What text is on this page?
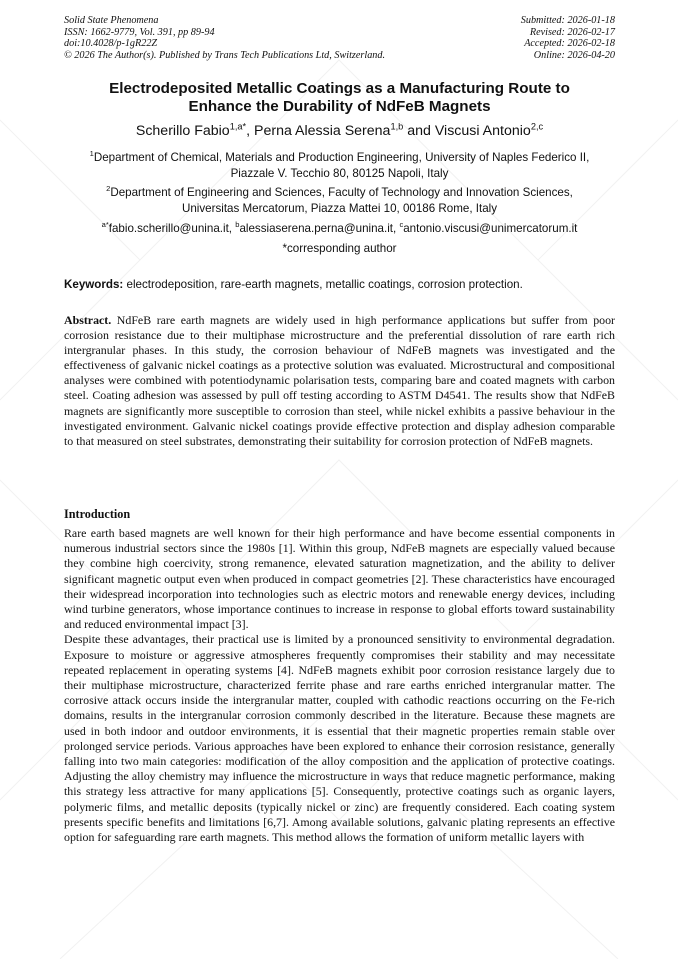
Solid State Phenomena
ISSN: 1662-9779, Vol. 391, pp 89-94
doi:10.4028/p-1gR22Z
© 2026 The Author(s). Published by Trans Tech Publications Ltd, Switzerland.
Submitted: 2026-01-18
Revised: 2026-02-17
Accepted: 2026-02-18
Online: 2026-04-20
Electrodeposited Metallic Coatings as a Manufacturing Route to
Enhance the Durability of NdFeB Magnets
Scherillo Fabio$^{1,a*}$, Perna Alessia Serena$^{1,b}$ and Viscusi Antonio$^{2,c}$
$^1$Department of Chemical, Materials and Production Engineering, University of Naples Federico II,
Piazzale V. Tecchio 80, 80125 Napoli, Italy
$^2$Department of Engineering and Sciences, Faculty of Technology and Innovation Sciences,
Universitas Mercatorum, Piazza Mattei 10, 00186 Rome, Italy
$^{a*}$fabio.scherillo@unina.it, $^b$alessiaserena.perna@unina.it, $^c$antonio.viscusi@unimercatorum.it
*corresponding author
Keywords: electrodeposition, rare-earth magnets, metallic coatings, corrosion protection.
Abstract. NdFeB rare earth magnets are widely used in high performance applications but suffer from poor corrosion resistance due to their multiphase microstructure and the preferential dissolution of rare earth rich intergranular phases. In this study, the corrosion behaviour of NdFeB magnets was investigated and the effectiveness of galvanic nickel coatings as a protective solution was evaluated. Microstructural and compositional analyses were combined with potentiodynamic polarisation tests, comparing bare and coated magnets with carbon steel. Coating adhesion was assessed by pull off testing according to ASTM D4541. The results show that NdFeB magnets are significantly more susceptible to corrosion than steel, while nickel exhibits a passive behaviour in the investigated environment. Galvanic nickel coatings provide effective protection and display adhesion comparable to that measured on steel substrates, demonstrating their suitability for corrosion protection of NdFeB magnets.
Introduction

Rare earth based magnets are well known for their high performance and have become essential components in numerous industrial sectors since the 1980s [1]. Within this group, NdFeB magnets are especially valued because they combine high coercivity, strong remanence, elevated saturation magnetization, and the ability to deliver significant magnetic output even when produced in compact geometries [2]. These characteristics have encouraged their widespread incorporation into technologies such as electric motors and renewable energy devices, including wind turbine generators, whose importance continues to increase in response to global efforts toward sustainability and reduced environmental impact [3].

Despite these advantages, their practical use is limited by a pronounced sensitivity to environmental degradation. Exposure to moisture or aggressive atmospheres frequently compromises their stability and may necessitate repeated replacement in operating systems [4]. NdFeB magnets exhibit poor corrosion resistance largely due to their multiphase microstructure, characterized ferrite phase and rare earths enriched intergranular matter. The corrosive attack occurs inside the intergranular matter, coupled with cathodic reactions occurring on the Fe-rich domains, results in the intergranular corrosion commonly described in the literature. Because these magnets are used in both indoor and outdoor environments, it is essential that their magnetic properties remain stable over prolonged service periods. Various approaches have been explored to enhance their corrosion resistance, generally falling into two main categories: modification of the alloy composition and the application of protective coatings. Adjusting the alloy chemistry may influence the microstructure in ways that reduce magnetic performance, making this strategy less attractive for many applications [5]. Consequently, protective coatings such as organic layers, polymeric films, and metallic deposits (typically nickel or zinc) are frequently considered. Each coating system presents specific benefits and limitations [6,7]. Among available solutions, galvanic plating represents an effective option for safeguarding rare earth magnets. This method allows the formation of uniform metallic layers with
